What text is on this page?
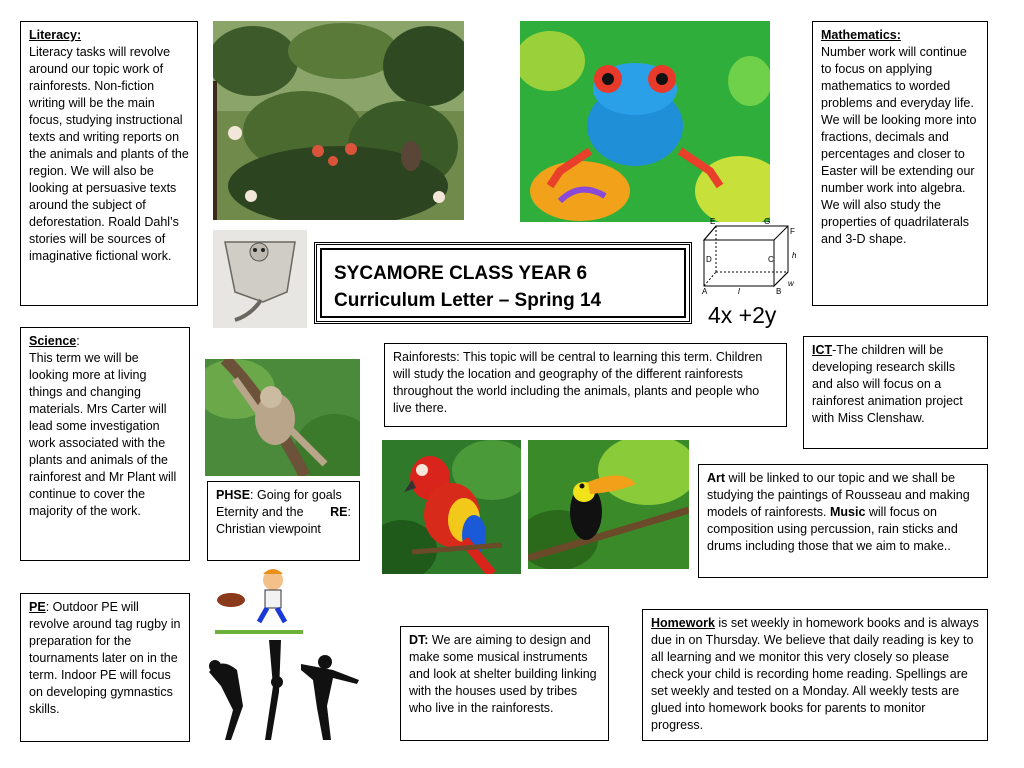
Literacy:

Literacy tasks will revolve around our topic work of rainforests. Non-fiction writing will be the main focus, studying instructional texts and writing reports on the animals and plants of the region. We will also be looking at persuasive texts around the subject of deforestation. Roald Dahl’s stories will be sources of imaginative fictional work.

Mathematics:

Number work will continue to focus on applying mathematics to worded problems and everyday life. We will be looking more into fractions, decimals and percentages and closer to Easter will be extending our number work into algebra. We will also study the properties of quadrilaterals and 3-D shape.

SYCAMORE CLASS YEAR 6
Curriculum Letter – Spring 14
E
F
G
D	C
A	B
h
w
l
4x +2y

Science:

This term we will be looking more at living things and changing materials. Mrs Carter will lead some investigation work associated with the plants and animals of the rainforest and Mr Plant will continue to cover the majority of the work.

Rainforests: This topic will be central to learning this term. Children will study the location and geography of the different rainforests throughout the world including the animals, plants and people who live there.

ICT-The children will be developing research skills and also will focus on a rainforest animation project with Miss Clenshaw.

PHSE: Going for goals
RE:

Eternity and the Christian viewpoint

Art will be linked to our topic and we shall be studying the paintings of Rousseau and making models of rainforests. Music will focus on composition using percussion, rain sticks and drums including those that we aim to make..

PE: Outdoor PE will revolve around tag rugby in preparation for the tournaments later on in the term. Indoor PE will focus on developing gymnastics skills.

DT: We are aiming to design and make some musical instruments and look at shelter building linking with the houses used by tribes who live in the rainforests.

Homework is set weekly in homework books and is always due in on Thursday. We believe that daily reading is key to all learning and we monitor this very closely so please check your child is recording home reading. Spellings are set weekly and tested on a Monday. All weekly tests are glued into homework books for parents to monitor progress.
